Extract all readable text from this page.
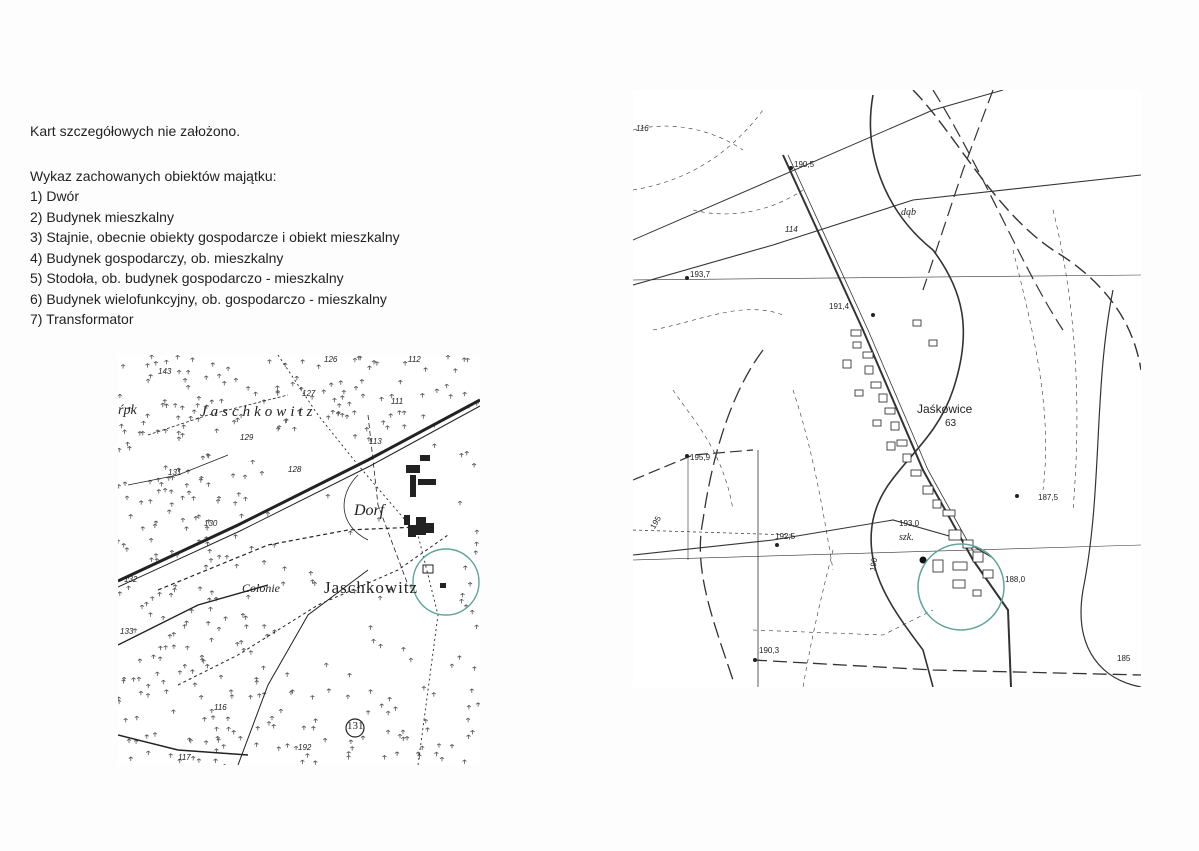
Kart szczegółowych nie założono.

Wykaz zachowanych obiektów majątku:

1) Dwór
2) Budynek mieszkalny
3) Stajnie, obecnie obiekty gospodarcze i obiekt mieszkalny
4) Budynek gospodarczy, ob. mieszkalny
5) Stodoła, ob. budynek gospodarczo - mieszkalny
6) Budynek wielofunkcyjny, ob. gospodarczo - mieszkalny
7) Transformator
Jaschkowitz
ŕpk
Dorf
Colonie	Jaschkowitz
131
143
127
129	113
111
128
131
130
132
133
116
117
126	112
192
Jaśkowice
63
szk.
dąb
190,5
193,7
191,4
195,9
187,5
192,5
193,0
188,0
190,3
116
114
195
190
185
